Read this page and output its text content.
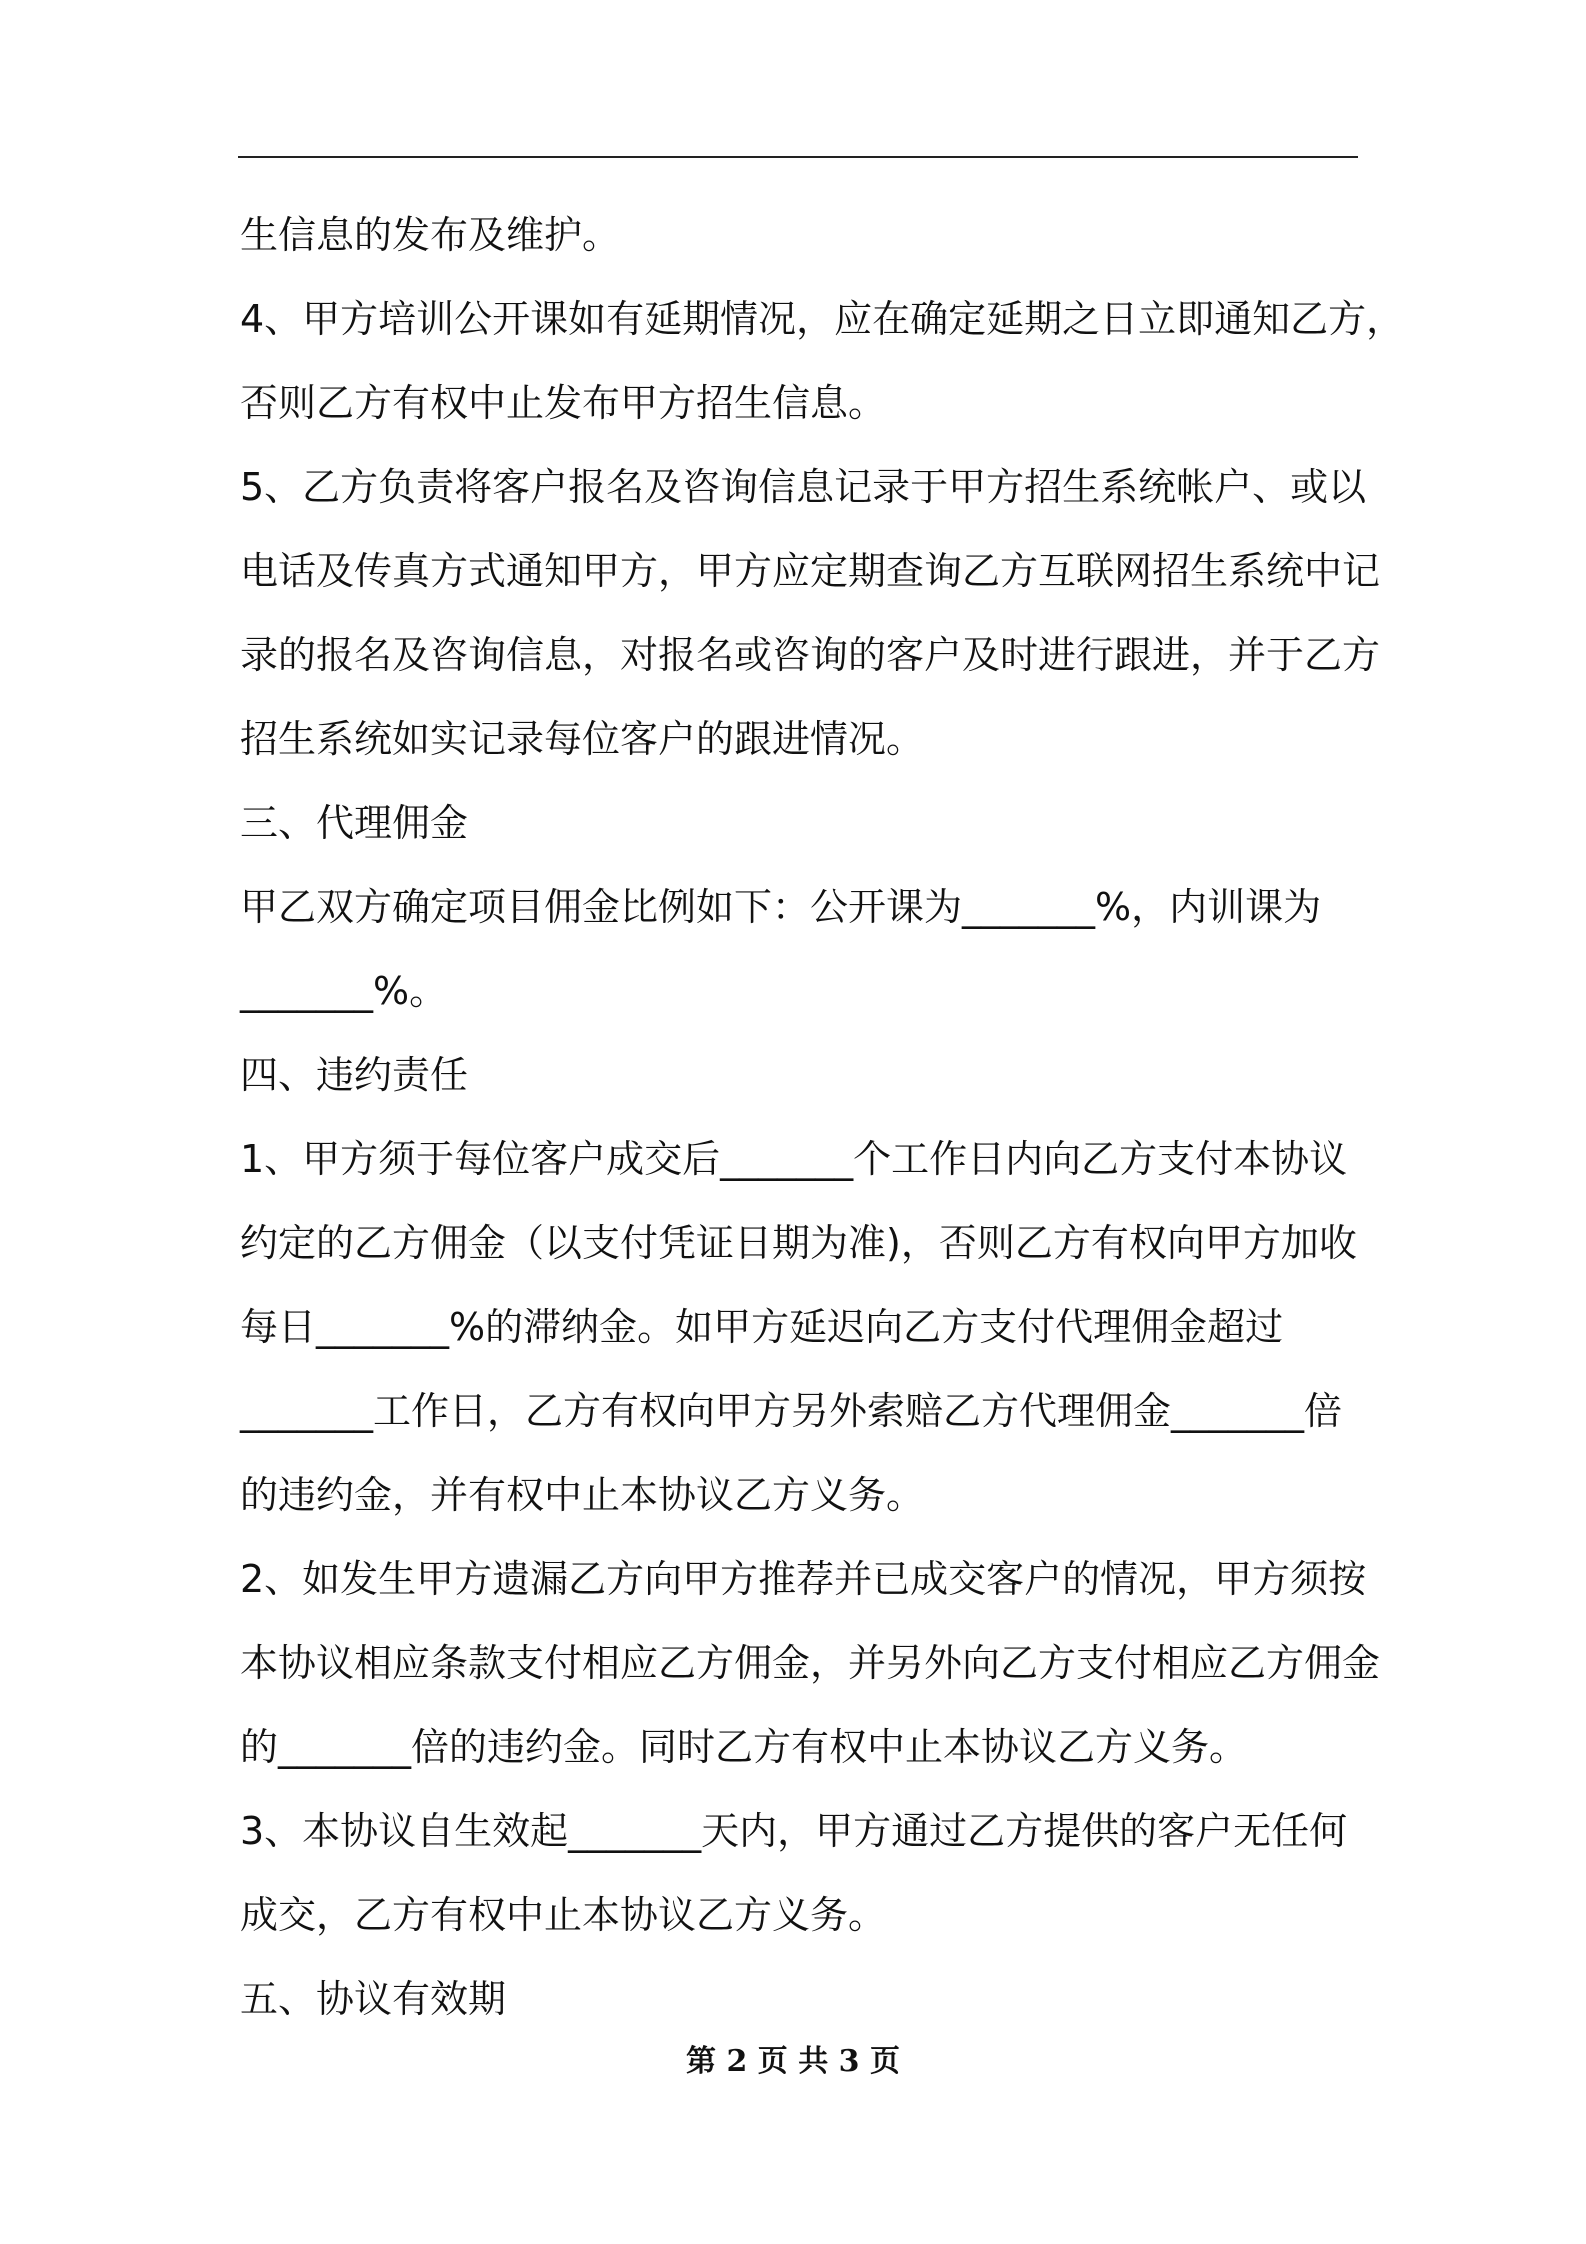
生信息的发布及维护。
4、甲方培训公开课如有延期情况，应在确定延期之日立即通知乙方，
否则乙方有权中止发布甲方招生信息。
5、乙方负责将客户报名及咨询信息记录于甲方招生系统帐户、或以
电话及传真方式通知甲方，甲方应定期查询乙方互联网招生系统中记
录的报名及咨询信息，对报名或咨询的客户及时进行跟进，并于乙方
招生系统如实记录每位客户的跟进情况。
三、代理佣金
甲乙双方确定项目佣金比例如下：公开课为_______%，内训课为
_______%。
四、违约责任
1、甲方须于每位客户成交后_______个工作日内向乙方支付本协议
约定的乙方佣金（以支付凭证日期为准)，否则乙方有权向甲方加收
每日_______%的滞纳金。如甲方延迟向乙方支付代理佣金超过
_______工作日，乙方有权向甲方另外索赔乙方代理佣金_______倍
的违约金，并有权中止本协议乙方义务。
2、如发生甲方遗漏乙方向甲方推荐并已成交客户的情况，甲方须按
本协议相应条款支付相应乙方佣金，并另外向乙方支付相应乙方佣金
的_______倍的违约金。同时乙方有权中止本协议乙方义务。
3、本协议自生效起_______天内，甲方通过乙方提供的客户无任何
成交，乙方有权中止本协议乙方义务。
五、协议有效期
第 2 页 共 3 页
